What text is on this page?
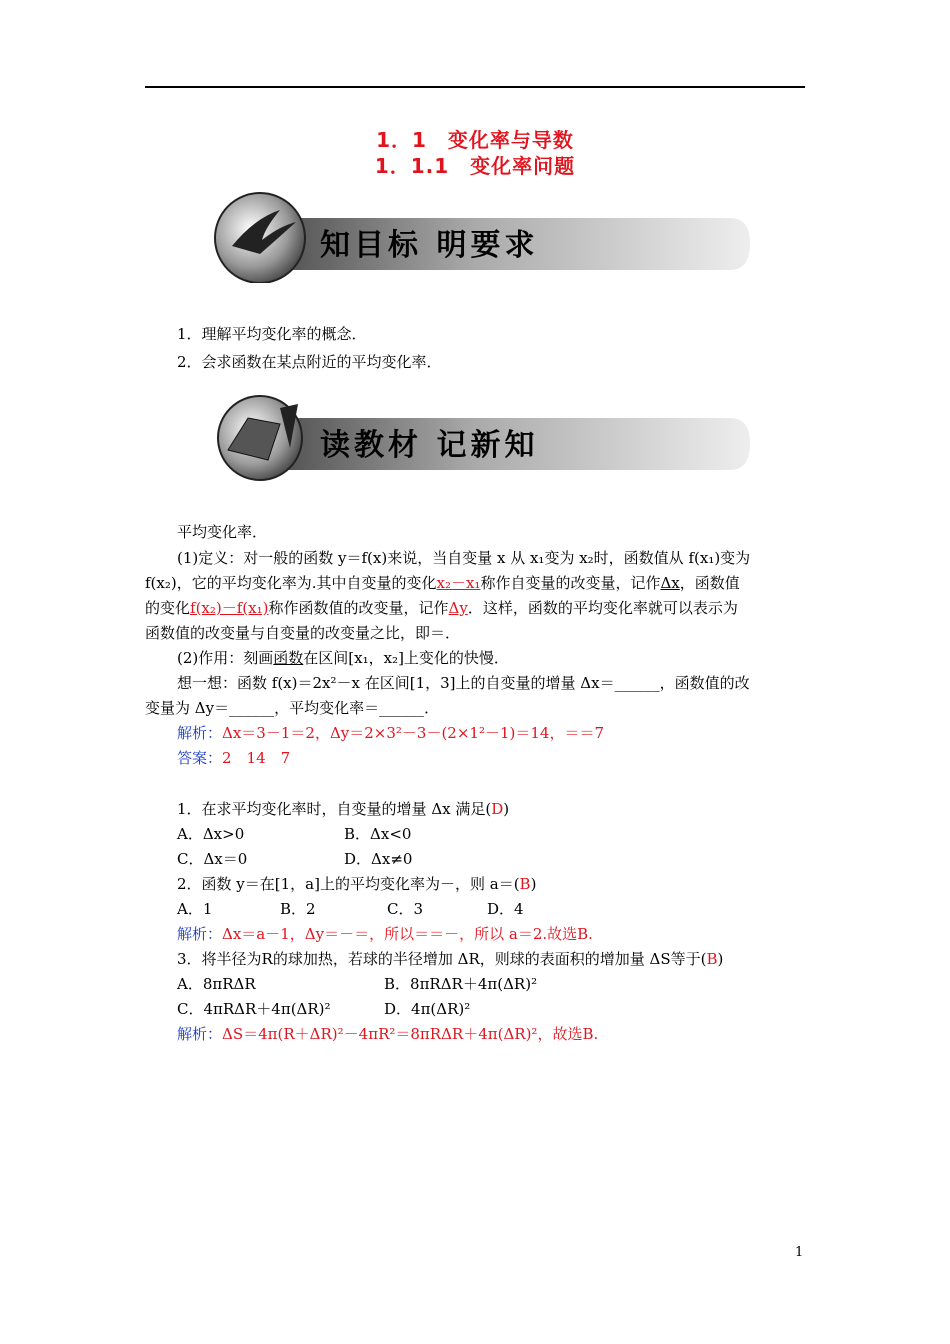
1．1　变化率与导数
1．1.1　变化率问题
知目标 明要求
1．理解平均变化率的概念．
2．会求函数在某点附近的平均变化率．
读教材 记新知
平均变化率．
(1)定义：对一般的函数 y＝f(x)来说，当自变量 x 从 x₁变为 x₂时，函数值从 f(x₁)变为
f(x₂)，它的平均变化率为.其中自变量的变化x₂－x₁称作自变量的改变量，记作Δx，函数值
的变化f(x₂)－f(x₁)称作函数值的改变量，记作Δy．这样，函数的平均变化率就可以表示为
函数值的改变量与自变量的改变量之比，即＝．
(2)作用：刻画函数在区间[x₁，x₂]上变化的快慢．
想一想：函数 f(x)＝2x²－x 在区间[1，3]上的自变量的增量 Δx＝______，函数值的改
变量为 Δy＝______，平均变化率＝______．
解析：Δx＝3－1＝2，Δy＝2×3²－3－(2×1²－1)＝14，＝＝7
答案：2　14　7
1．在求平均变化率时，自变量的增量 Δx 满足(D)
A．Δx>0	B．Δx<0
C．Δx＝0	D．Δx≠0
2．函数 y＝在[1，a]上的平均变化率为－，则 a＝(B)
A．1	B．2	C．3	D．4
解析：Δx＝a－1，Δy＝－＝，所以＝＝－，所以 a＝2.故选B.
3．将半径为R的球加热，若球的半径增加 ΔR，则球的表面积的增加量 ΔS等于(B)
A．8πRΔR	B．8πRΔR＋4π(ΔR)²
C．4πRΔR＋4π(ΔR)²	D．4π(ΔR)²
解析：ΔS＝4π(R＋ΔR)²－4πR²＝8πRΔR＋4π(ΔR)²，故选B.
1
